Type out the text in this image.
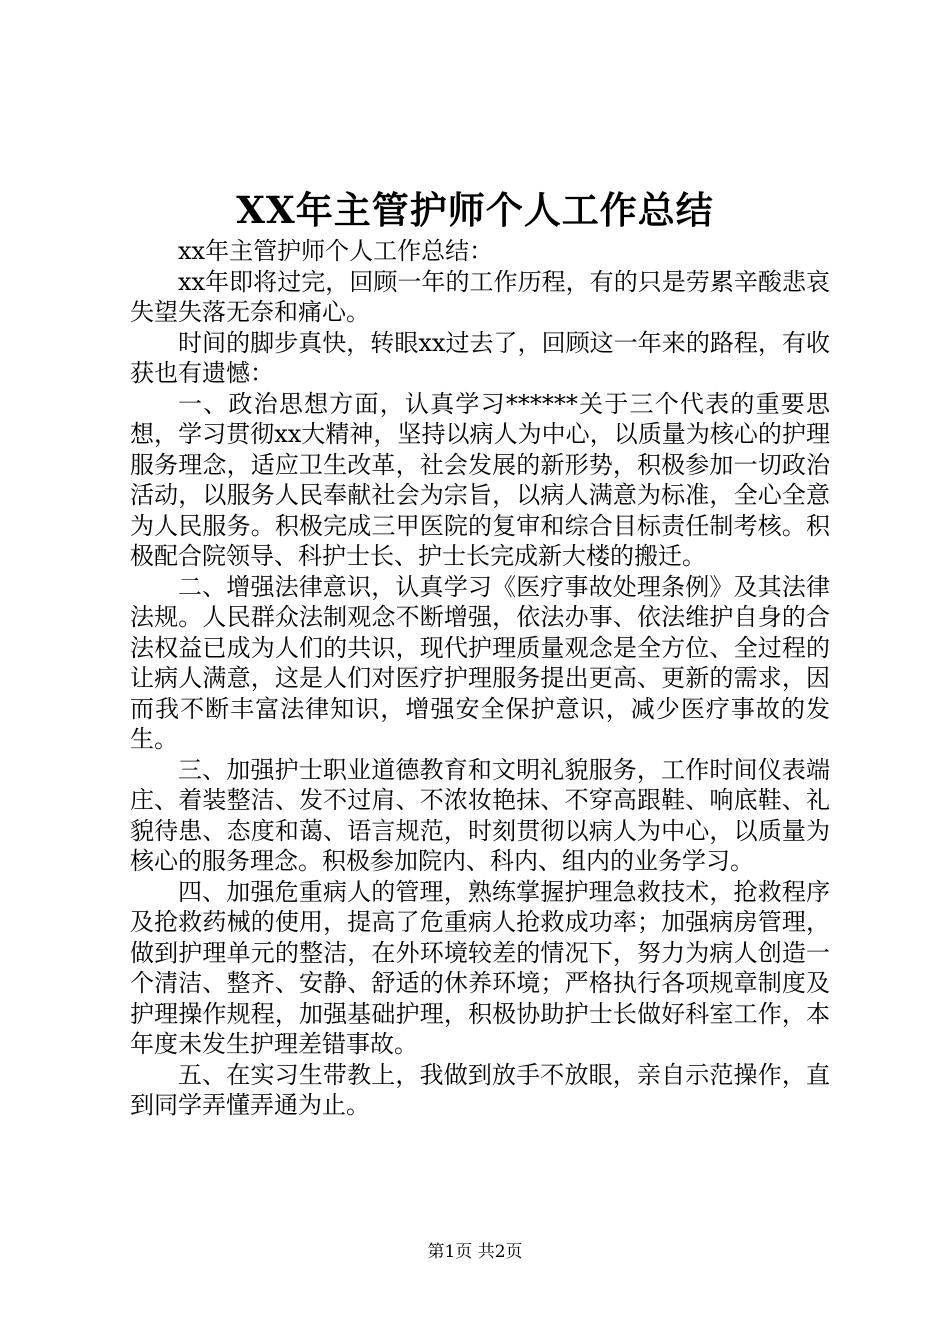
XX年主管护师个人工作总结

xx年主管护师个人工作总结：

xx年即将过完，回顾一年的工作历程，有的只是劳累辛酸悲哀失望失落无奈和痛心。

时间的脚步真快，转眼xx过去了，回顾这一年来的路程，有收获也有遗憾：

一、政治思想方面，认真学习******关于三个代表的重要思想，学习贯彻xx大精神，坚持以病人为中心，以质量为核心的护理服务理念，适应卫生改革，社会发展的新形势，积极参加一切政治活动，以服务人民奉献社会为宗旨，以病人满意为标准，全心全意为人民服务。积极完成三甲医院的复审和综合目标责任制考核。积极配合院领导、科护士长、护士长完成新大楼的搬迁。

二、增强法律意识，认真学习《医疗事故处理条例》及其法律法规。人民群众法制观念不断增强，依法办事、依法维护自身的合法权益已成为人们的共识，现代护理质量观念是全方位、全过程的让病人满意，这是人们对医疗护理服务提出更高、更新的需求，因而我不断丰富法律知识，增强安全保护意识，减少医疗事故的发生。

三、加强护士职业道德教育和文明礼貌服务，工作时间仪表端庄、着装整洁、发不过肩、不浓妆艳抹、不穿高跟鞋、响底鞋、礼貌待患、态度和蔼、语言规范，时刻贯彻以病人为中心，以质量为核心的服务理念。积极参加院内、科内、组内的业务学习。

四、加强危重病人的管理，熟练掌握护理急救技术，抢救程序及抢救药械的使用，提高了危重病人抢救成功率；加强病房管理，做到护理单元的整洁，在外环境较差的情况下，努力为病人创造一个清洁、整齐、安静、舒适的休养环境；严格执行各项规章制度及护理操作规程，加强基础护理，积极协助护士长做好科室工作，本年度未发生护理差错事故。

五、在实习生带教上，我做到放手不放眼，亲自示范操作，直到同学弄懂弄通为止。

第1页 共2页
